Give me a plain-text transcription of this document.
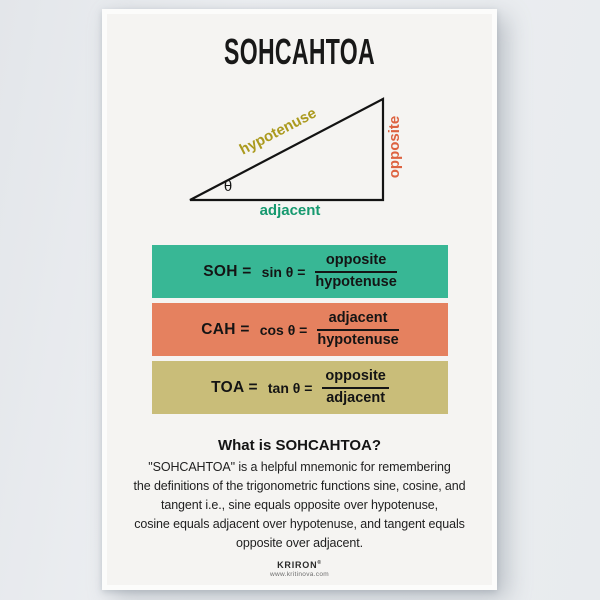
SOHCAHTOA
hypotenuse	opposite
adjacent
θ
SOH = $\sin \theta = \frac{\text{opposite}}{\text{hypotenuse}}$
CAH = $\cos \theta = \frac{\text{adjacent}}{\text{hypotenuse}}$
TOA = $\tan \theta = \frac{\text{opposite}}{\text{adjacent}}$
What is SOHCAHTOA?
"SOHCAHTOA" is a helpful mnemonic for remembering
the definitions of the trigonometric functions sine, cosine, and
tangent i.e., sine equals opposite over hypotenuse,
cosine equals adjacent over hypotenuse, and tangent equals
opposite over adjacent.
KRIRON®
www.kritinova.com
